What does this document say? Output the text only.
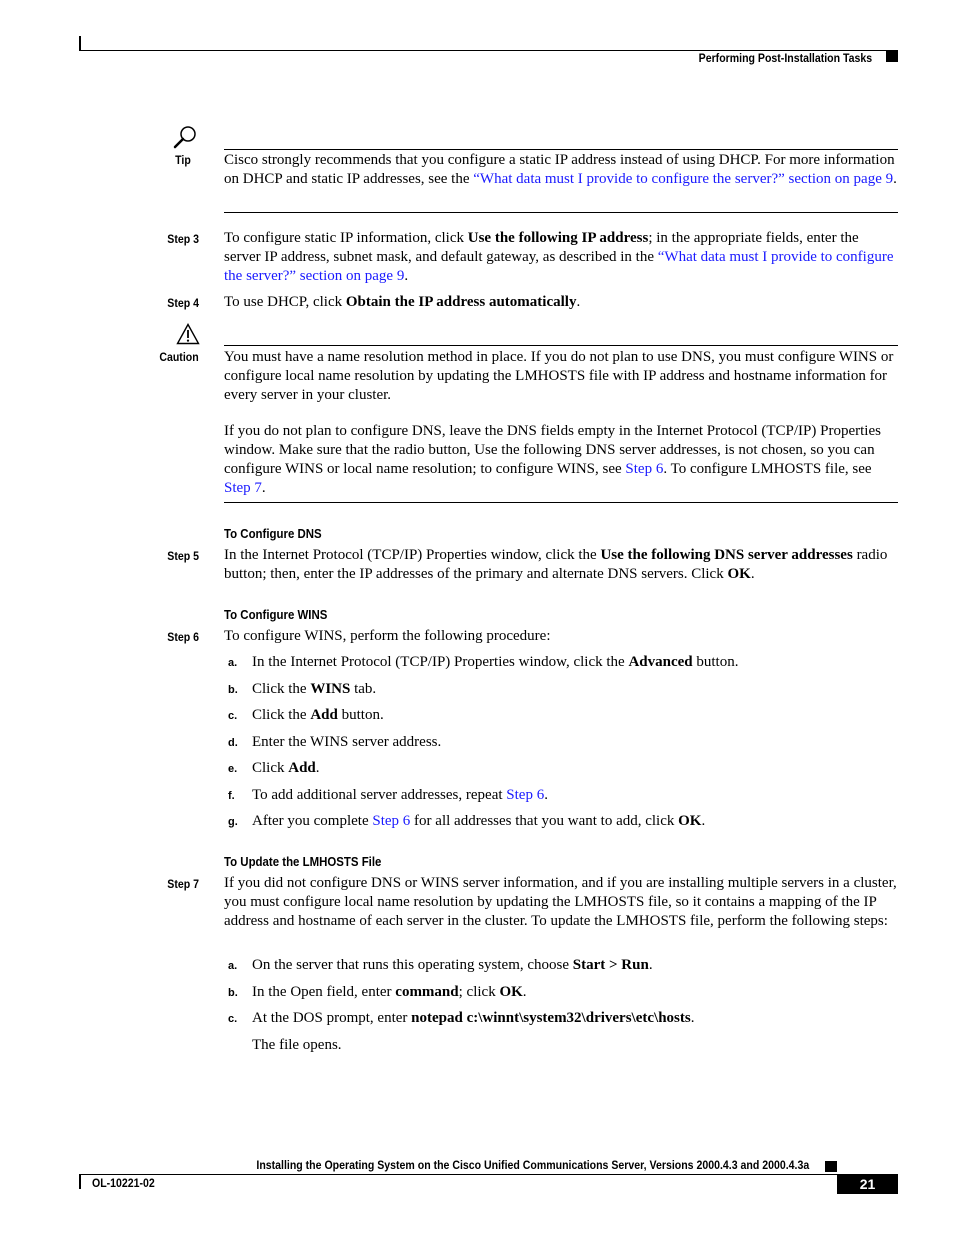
Performing Post-Installation Tasks
Tip Cisco strongly recommends that you configure a static IP address instead of using DHCP. For more information on DHCP and static IP addresses, see the “What data must I provide to configure the server?” section on page 9.
Step 3 To configure static IP information, click Use the following IP address; in the appropriate fields, enter the server IP address, subnet mask, and default gateway, as described in the “What data must I provide to configure the server?” section on page 9.
Step 4 To use DHCP, click Obtain the IP address automatically.
Caution You must have a name resolution method in place. If you do not plan to use DNS, you must configure WINS or configure local name resolution by updating the LMHOSTS file with IP address and hostname information for every server in your cluster.
If you do not plan to configure DNS, leave the DNS fields empty in the Internet Protocol (TCP/IP) Properties window. Make sure that the radio button, Use the following DNS server addresses, is not chosen, so you can configure WINS or local name resolution; to configure WINS, see Step 6. To configure LMHOSTS file, see Step 7.
To Configure DNS
Step 5 In the Internet Protocol (TCP/IP) Properties window, click the Use the following DNS server addresses radio button; then, enter the IP addresses of the primary and alternate DNS servers. Click OK.
To Configure WINS
Step 6 To configure WINS, perform the following procedure:
a. In the Internet Protocol (TCP/IP) Properties window, click the Advanced button.
b. Click the WINS tab.
c. Click the Add button.
d. Enter the WINS server address.
e. Click Add.
f. To add additional server addresses, repeat Step 6.
g. After you complete Step 6 for all addresses that you want to add, click OK.
To Update the LMHOSTS File
Step 7 If you did not configure DNS or WINS server information, and if you are installing multiple servers in a cluster, you must configure local name resolution by updating the LMHOSTS file, so it contains a mapping of the IP address and hostname of each server in the cluster. To update the LMHOSTS file, perform the following steps:
a. On the server that runs this operating system, choose Start > Run.
b. In the Open field, enter command; click OK.
c. At the DOS prompt, enter notepad c:\winnt\system32\drivers\etc\hosts.
The file opens.
Installing the Operating System on the Cisco Unified Communications Server, Versions 2000.4.3 and 2000.4.3a
OL-10221-02	21
